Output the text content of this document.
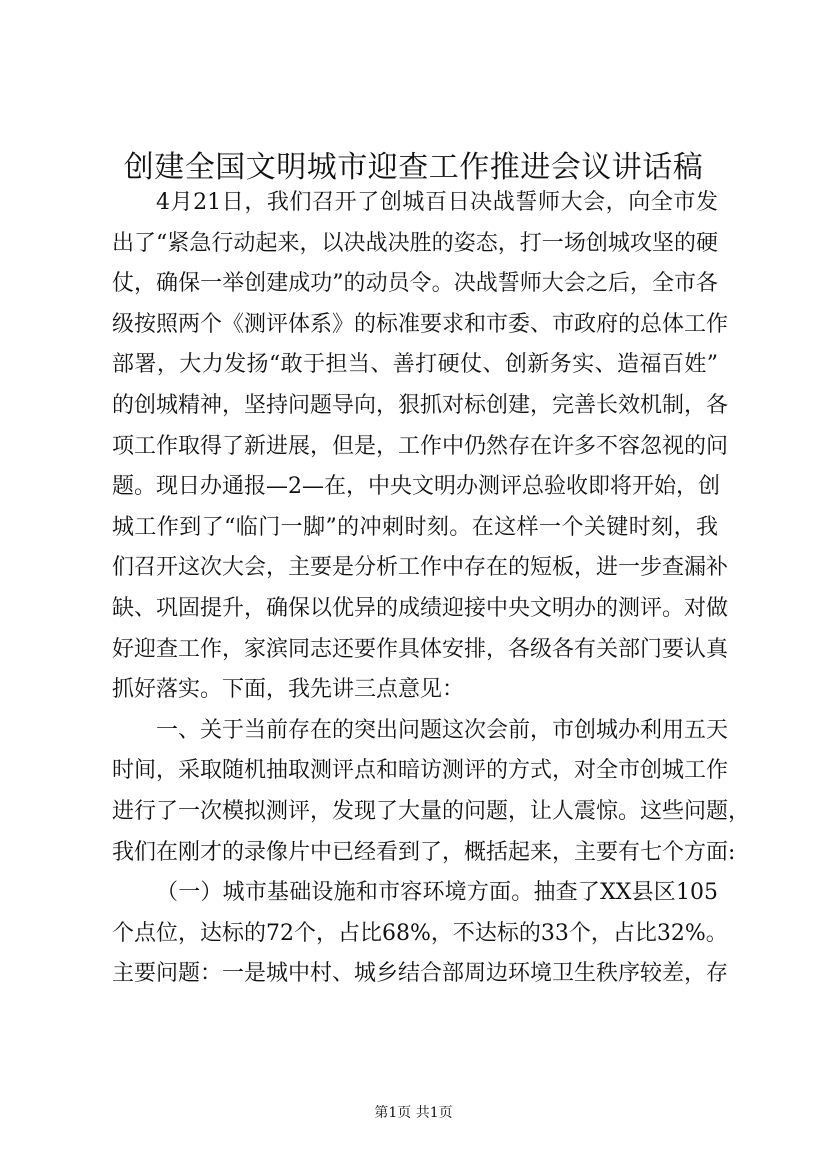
创建全国文明城市迎查工作推进会议讲话稿
4月21日，我们召开了创城百日决战誓师大会，向全市发
出了“紧急行动起来，以决战决胜的姿态，打一场创城攻坚的硬
仗，确保一举创建成功”的动员令。决战誓师大会之后，全市各
级按照两个《测评体系》的标准要求和市委、市政府的总体工作
部署，大力发扬“敢于担当、善打硬仗、创新务实、造福百姓”
的创城精神，坚持问题导向，狠抓对标创建，完善长效机制，各
项工作取得了新进展，但是，工作中仍然存在许多不容忽视的问
题。现日办通报—2—在，中央文明办测评总验收即将开始，创
城工作到了“临门一脚”的冲刺时刻。在这样一个关键时刻，我
们召开这次大会，主要是分析工作中存在的短板，进一步查漏补
缺、巩固提升，确保以优异的成绩迎接中央文明办的测评。对做
好迎查工作，家滨同志还要作具体安排，各级各有关部门要认真
抓好落实。下面，我先讲三点意见：
一、关于当前存在的突出问题这次会前，市创城办利用五天
时间，采取随机抽取测评点和暗访测评的方式，对全市创城工作
进行了一次模拟测评，发现了大量的问题，让人震惊。这些问题，
我们在刚才的录像片中已经看到了，概括起来，主要有七个方面:
（一）城市基础设施和市容环境方面。抽查了XX县区105
个点位，达标的72个，占比68%，不达标的33个，占比32%。
主要问题：一是城中村、城乡结合部周边环境卫生秩序较差，存
第1页 共1页
